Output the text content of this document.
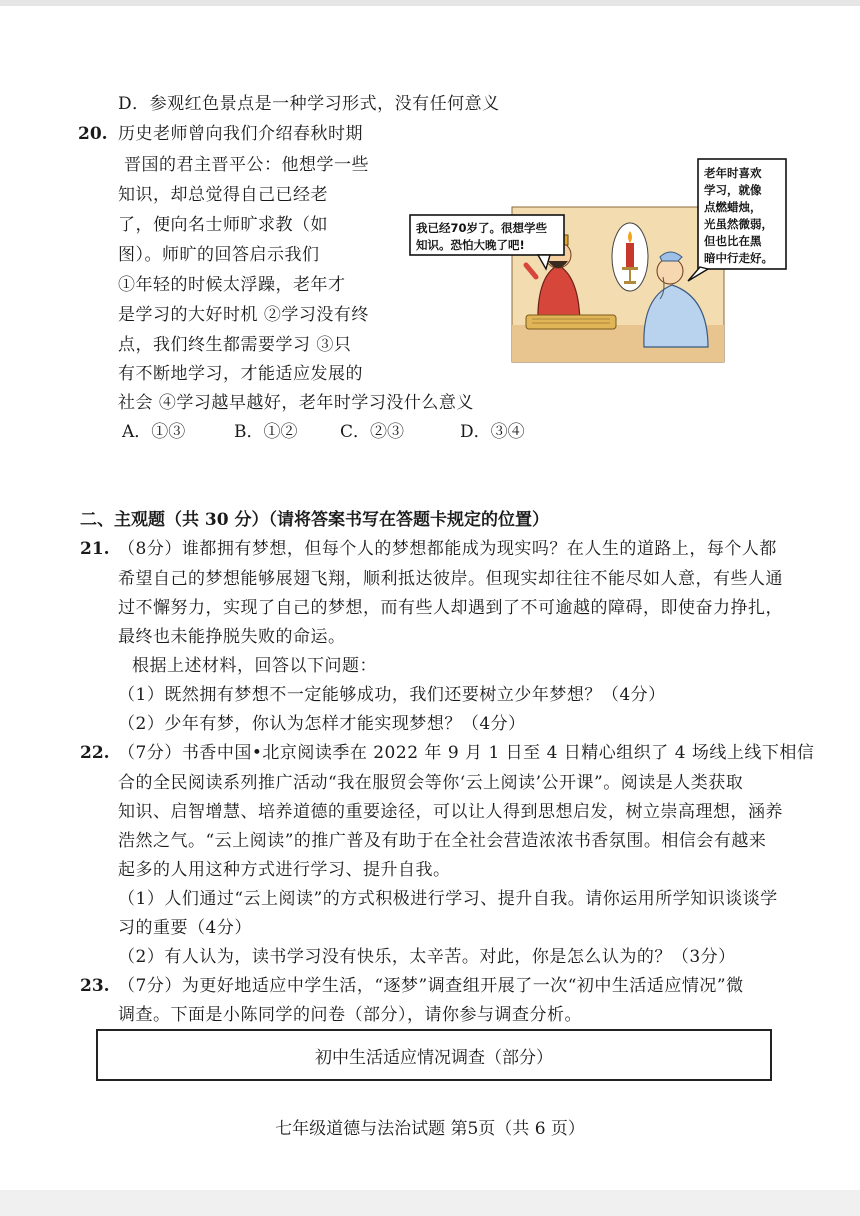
D．参观红色景点是一种学习形式，没有任何意义
20. 历史老师曾向我们介绍春秋时期
晋国的君主晋平公：他想学一些
知识，却总觉得自己已经老
了，便向名士师旷求教（如
图）。师旷的回答启示我们
①年轻的时候太浮躁，老年才
是学习的大好时机 ②学习没有终
点，我们终生都需要学习 ③只
有不断地学习，才能适应发展的
社会 ④学习越早越好，老年时学习没什么意义
A．①③	B．①②	C．②③	D．③④
我已经70岁了。很想学些
知识。恐怕大晚了吧!
老年时喜欢
学习，就像
点燃蜡烛，
光虽然微弱，
但也比在黑
暗中行走好。
二、主观题（共 30 分）（请将答案书写在答题卡规定的位置）
21. （8分）谁都拥有梦想，但每个人的梦想都能成为现实吗？在人生的道路上，每个人都
希望自己的梦想能够展翅飞翔，顺利抵达彼岸。但现实却往往不能尽如人意，有些人通
过不懈努力，实现了自己的梦想，而有些人却遇到了不可逾越的障碍，即使奋力挣扎，
最终也未能挣脱失败的命运。
根据上述材料，回答以下问题：
（1）既然拥有梦想不一定能够成功，我们还要树立少年梦想？（4分）
（2）少年有梦，你认为怎样才能实现梦想？（4分）
22. （7分）书香中国•北京阅读季在 2022 年 9 月 1 日至 4 日精心组织了 4 场线上线下相信
合的全民阅读系列推广活动“我在服贸会等你‘云上阅读’公开课”。阅读是人类获取
知识、启智增慧、培养道德的重要途径，可以让人得到思想启发，树立崇高理想，涵养
浩然之气。“云上阅读”的推广普及有助于在全社会营造浓浓书香氛围。相信会有越来
起多的人用这种方式进行学习、提升自我。
（1）人们通过“云上阅读”的方式积极进行学习、提升自我。请你运用所学知识谈谈学
习的重要（4分）
（2）有人认为，读书学习没有快乐，太辛苦。对此，你是怎么认为的？（3分）
23. （7分）为更好地适应中学生活，“逐梦”调查组开展了一次“初中生活适应情况”微
调查。下面是小陈同学的问卷（部分），请你参与调查分析。
初中生活适应情况调查（部分）
七年级道德与法治试题 第5页（共 6 页）
